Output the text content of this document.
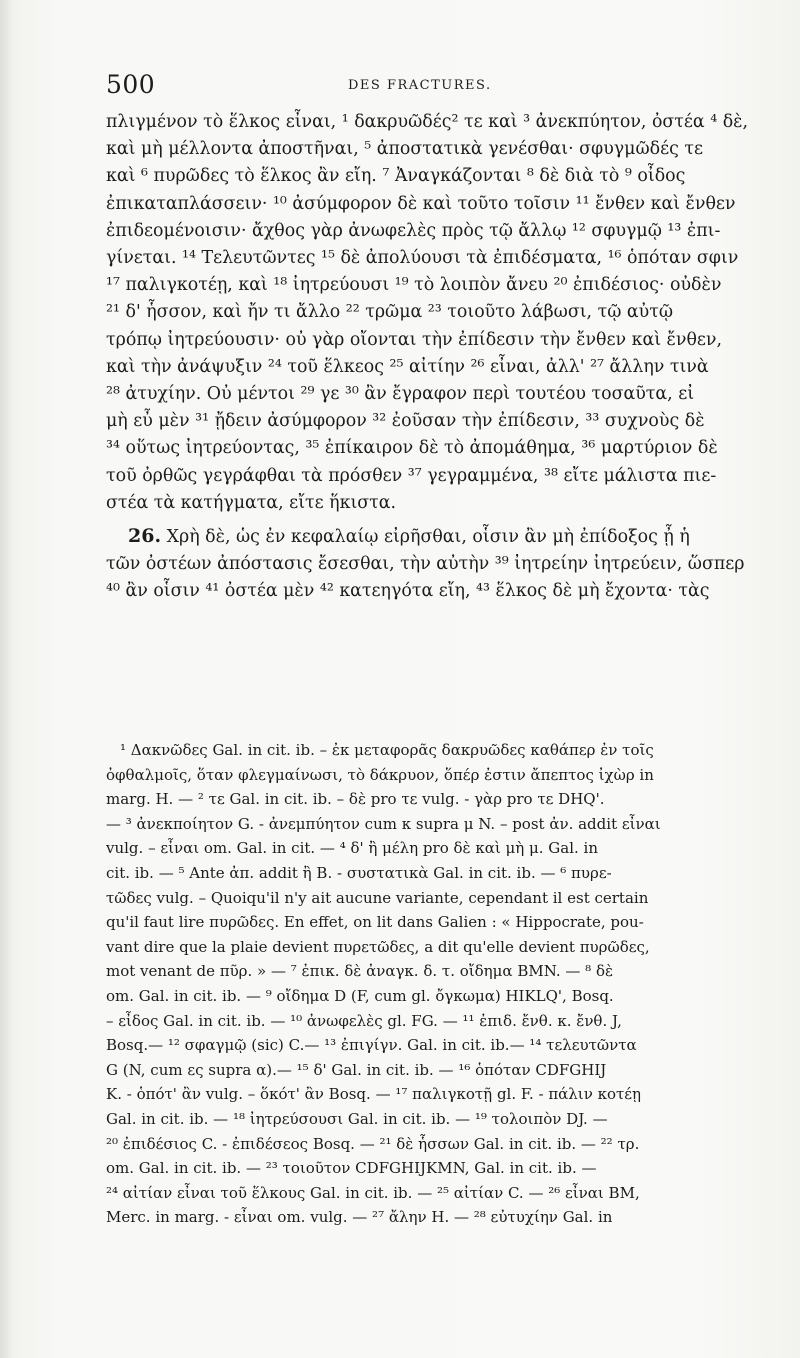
500	DES FRACTURES.
πλιγμένον τὸ ἕλκος εἶναι, ¹ δακρυῶδές² τε καὶ ³ ἀνεκπύητον, ὀστέα ⁴ δὲ,
καὶ μὴ μέλλοντα ἀποστῆναι, ⁵ ἀποστατικὰ γενέσθαι· σφυγμῶδές τε
καὶ ⁶ πυρῶδες τὸ ἕλκος ἂν εἴη. ⁷ Ἀναγκάζονται ⁸ δὲ διὰ τὸ ⁹ οἶδος
ἐπικαταπλάσσειν· ¹⁰ ἀσύμφορον δὲ καὶ τοῦτο τοῖσιν ¹¹ ἔνθεν καὶ ἔνθεν
ἐπιδεομένοισιν· ἄχθος γὰρ ἀνωφελὲς πρὸς τῷ ἄλλῳ ¹² σφυγμῷ ¹³ ἐπι-
γίνεται. ¹⁴ Τελευτῶντες ¹⁵ δὲ ἀπολύουσι τὰ ἐπιδέσματα, ¹⁶ ὁπόταν σφιν
¹⁷ παλιγκοτέῃ, καὶ ¹⁸ ἰητρεύουσι ¹⁹ τὸ λοιπὸν ἄνευ ²⁰ ἐπιδέσιος· οὐδὲν
²¹ δ' ἧσσον, καὶ ἤν τι ἄλλο ²² τρῶμα ²³ τοιοῦτο λάβωσι, τῷ αὐτῷ
τρόπῳ ἰητρεύουσιν· οὐ γὰρ οἴονται τὴν ἐπίδεσιν τὴν ἔνθεν καὶ ἔνθεν,
καὶ τὴν ἀνάψυξιν ²⁴ τοῦ ἕλκεος ²⁵ αἰτίην ²⁶ εἶναι, ἀλλ' ²⁷ ἄλλην τινὰ
²⁸ ἀτυχίην. Οὐ μέντοι ²⁹ γε ³⁰ ἂν ἔγραφον περὶ τουτέου τοσαῦτα, εἰ
μὴ εὖ μὲν ³¹ ᾔδειν ἀσύμφορον ³² ἐοῦσαν τὴν ἐπίδεσιν, ³³ συχνοὺς δὲ
³⁴ οὕτως ἰητρεύοντας, ³⁵ ἐπίκαιρον δὲ τὸ ἀπομάθημα, ³⁶ μαρτύριον δὲ
τοῦ ὀρθῶς γεγράφθαι τὰ πρόσθεν ³⁷ γεγραμμένα, ³⁸ εἴτε μάλιστα πιε-
στέα τὰ κατήγματα, εἴτε ἥκιστα.
26. Χρὴ δὲ, ὡς ἐν κεφαλαίῳ εἰρῆσθαι, οἷσιν ἂν μὴ ἐπίδοξος ᾖ ἡ
τῶν ὀστέων ἀπόστασις ἔσεσθαι, τὴν αὐτὴν ³⁹ ἰητρείην ἰητρεύειν, ὥσπερ
⁴⁰ ἂν οἷσιν ⁴¹ ὀστέα μὲν ⁴² κατεηγότα εἴη, ⁴³ ἕλκος δὲ μὴ ἔχοντα· τὰς
¹ Δακνῶδες Gal. in cit. ib. – ἐκ μεταφορᾶς δακρυῶδες καθάπερ ἐν τοῖς
ὀφθαλμοῖς, ὅταν φλεγμαίνωσι, τὸ δάκρυον, ὅπέρ ἐστιν ἄπεπτος ἰχὼρ in
marg. H. — ² τε Gal. in cit. ib. – δὲ pro τε vulg. - γὰρ pro τε DHQ'.
— ³ ἀνεκποίητον G. - ἀνεμπύητον cum κ supra μ N. – post ἀν. addit εἶναι
vulg. – εἶναι om. Gal. in cit. — ⁴ δ' ἢ μέλη pro δὲ καὶ μὴ μ. Gal. in
cit. ib. — ⁵ Ante ἀπ. addit ἢ B. - συστατικὰ Gal. in cit. ib. — ⁶ πυρε-
τῶδες vulg. – Quoiqu'il n'y ait aucune variante, cependant il est certain
qu'il faut lire πυρῶδες. En effet, on lit dans Galien : « Hippocrate, pou-
vant dire que la plaie devient πυρετῶδες, a dit qu'elle devient πυρῶδες,
mot venant de πῦρ. » — ⁷ ἐπικ. δὲ ἀναγκ. δ. τ. οἴδημα BMN. — ⁸ δὲ
om. Gal. in cit. ib. — ⁹ οἴδημα D (F, cum gl. ὄγκωμα) HIKLQ', Bosq.
– εἶδος Gal. in cit. ib. — ¹⁰ ἀνωφελὲς gl. FG. — ¹¹ ἐπιδ. ἔνθ. κ. ἔνθ. J,
Bosq.— ¹² σφαγμῷ (sic) C.— ¹³ ἐπιγίγν. Gal. in cit. ib.— ¹⁴ τελευτῶντα
G (N, cum ες supra α).— ¹⁵ δ' Gal. in cit. ib. — ¹⁶ ὁπόταν CDFGHIJ
K. - ὁπότ' ἂν vulg. – ὅκότ' ἂν Bosq. — ¹⁷ παλιγκοτῇ gl. F. - πάλιν κοτέῃ
Gal. in cit. ib. — ¹⁸ ἰητρεύσουσι Gal. in cit. ib. — ¹⁹ τολοιπὸν DJ. —
²⁰ ἐπιδέσιος C. - ἐπιδέσεος Bosq. — ²¹ δὲ ἧσσων Gal. in cit. ib. — ²² τρ.
om. Gal. in cit. ib. — ²³ τοιοῦτον CDFGHIJKMN, Gal. in cit. ib. —
²⁴ αἰτίαν εἶναι τοῦ ἕλκους Gal. in cit. ib. — ²⁵ αἰτίαν C. — ²⁶ εἶναι BM,
Merc. in marg. - εἶναι om. vulg. — ²⁷ ἄλην H. — ²⁸ εὐτυχίην Gal. in
